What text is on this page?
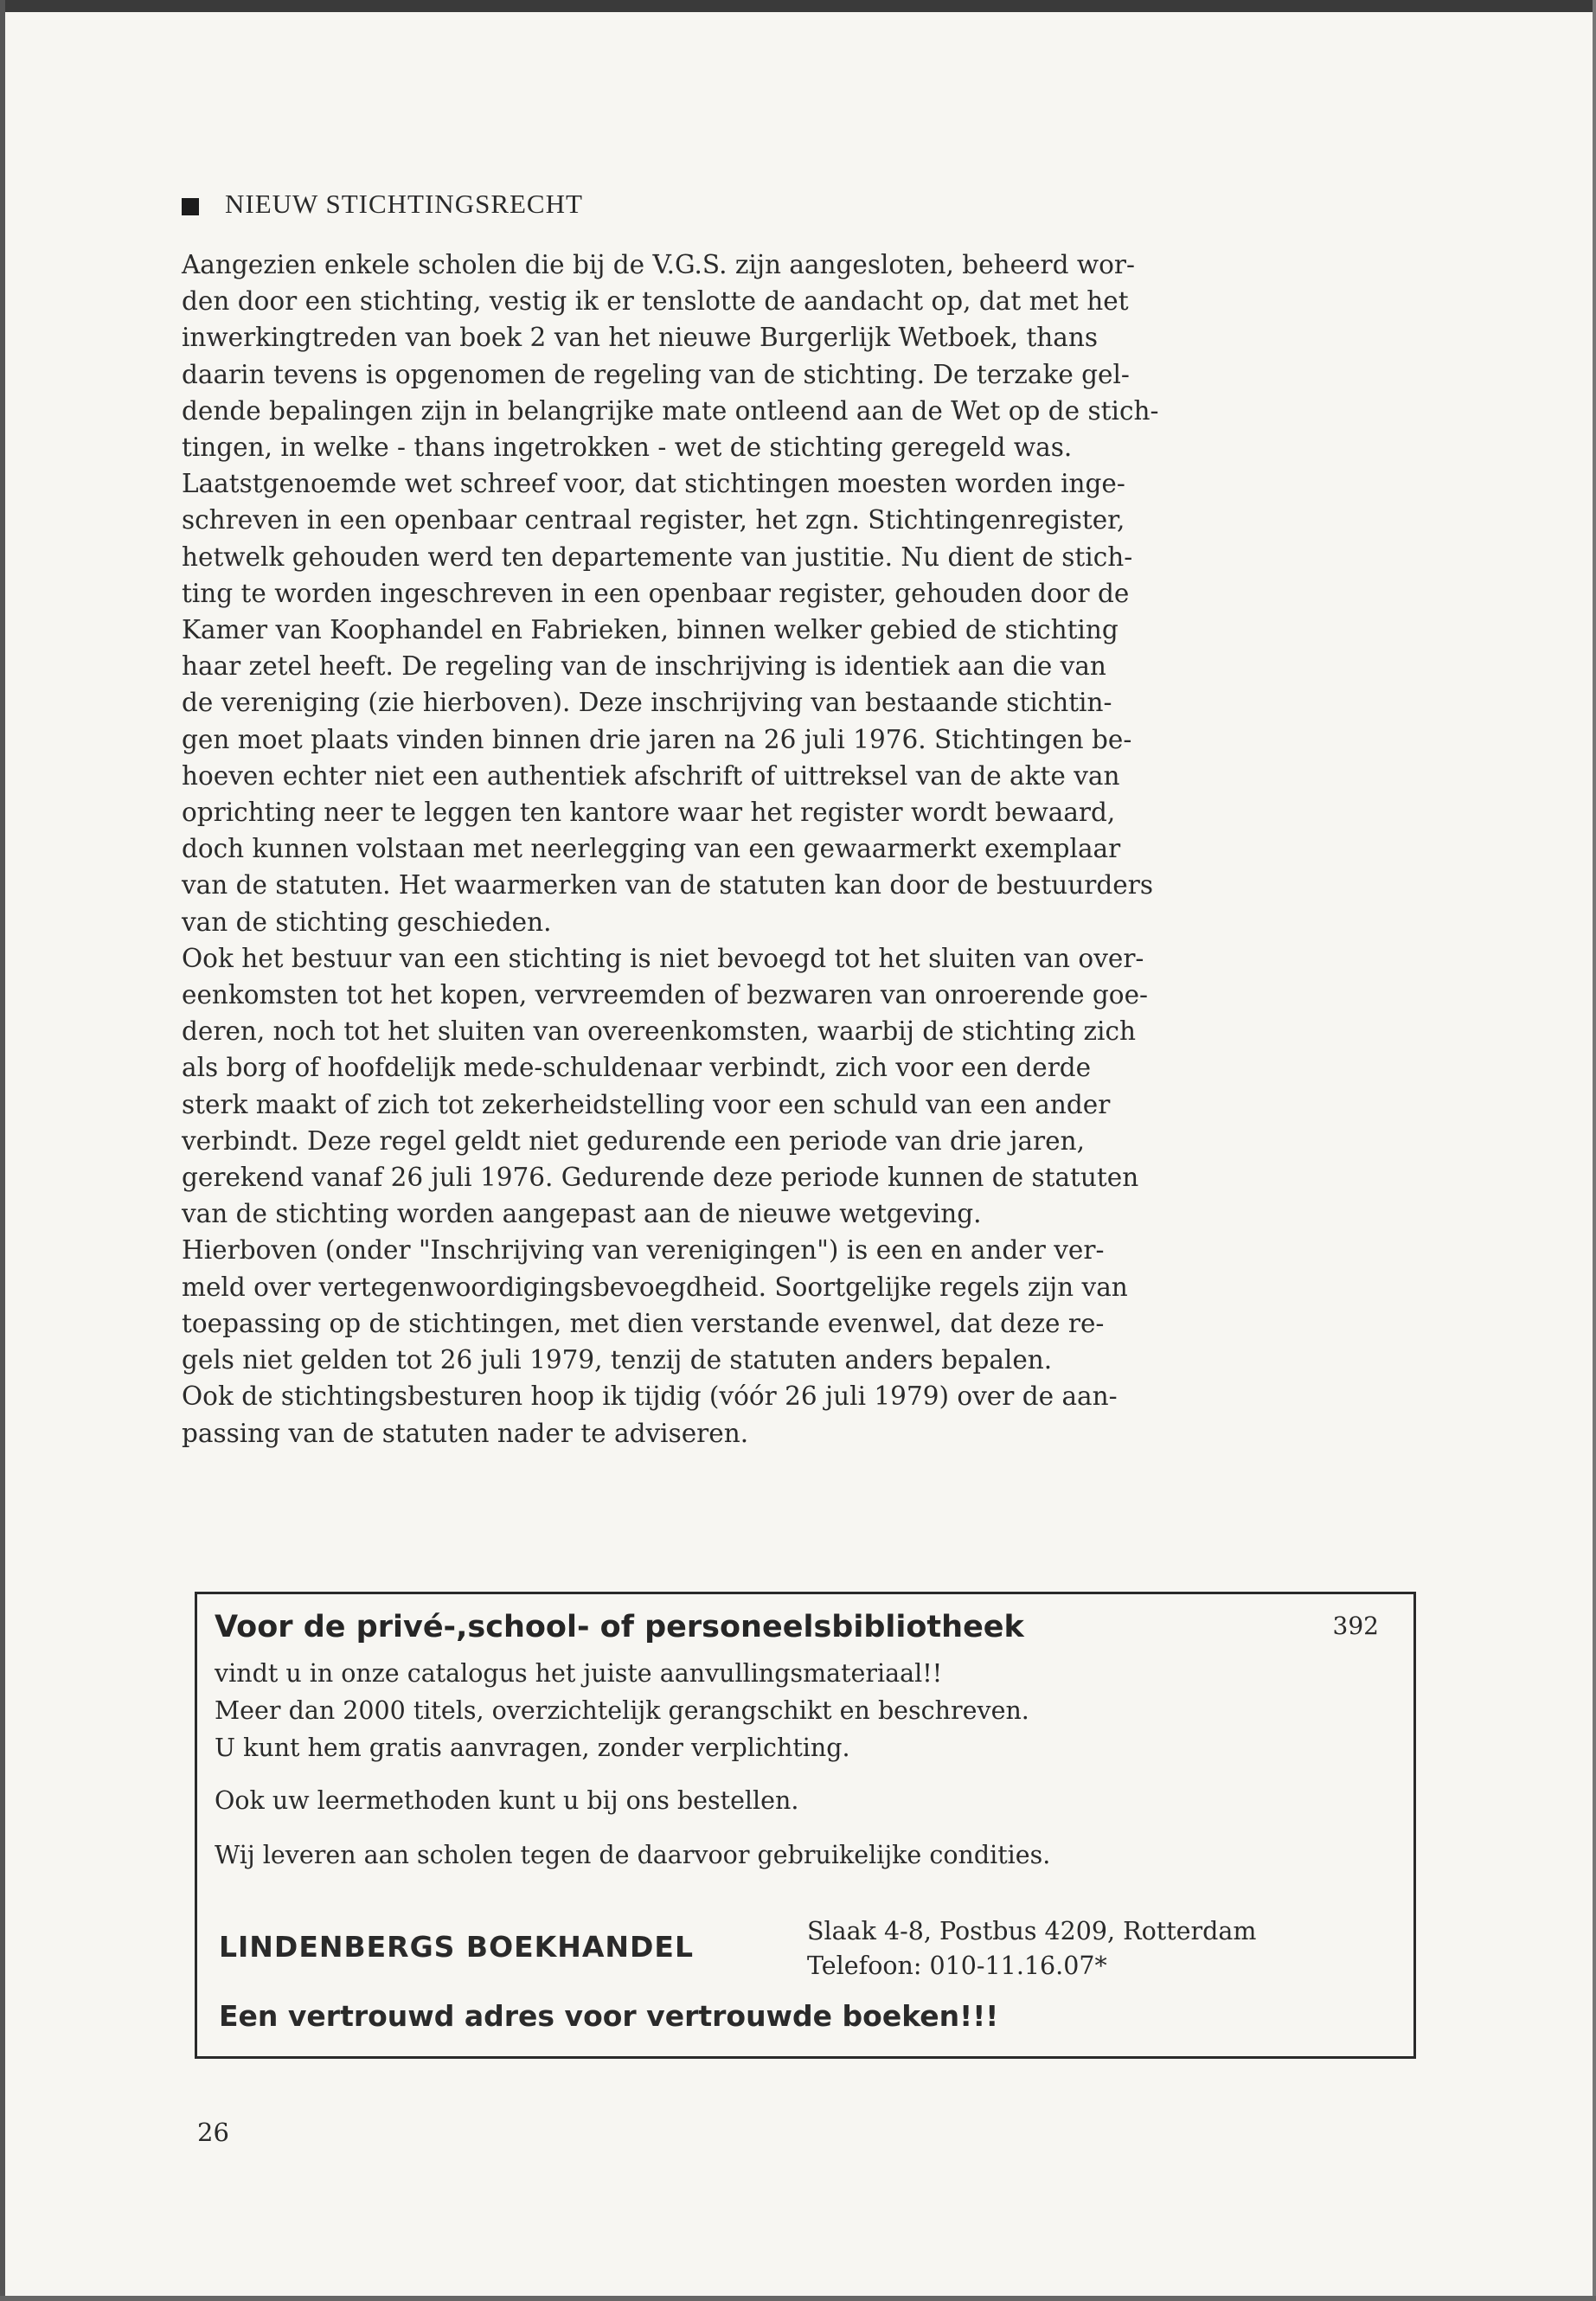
NIEUW STICHTINGSRECHT
Aangezien enkele scholen die bij de V.G.S. zijn aangesloten, beheerd wor-
den door een stichting, vestig ik er tenslotte de aandacht op, dat met het
inwerkingtreden van boek 2 van het nieuwe Burgerlijk Wetboek, thans
daarin tevens is opgenomen de regeling van de stichting. De terzake gel-
dende bepalingen zijn in belangrijke mate ontleend aan de Wet op de stich-
tingen, in welke - thans ingetrokken - wet de stichting geregeld was.
Laatstgenoemde wet schreef voor, dat stichtingen moesten worden inge-
schreven in een openbaar centraal register, het zgn. Stichtingenregister,
hetwelk gehouden werd ten departemente van justitie. Nu dient de stich-
ting te worden ingeschreven in een openbaar register, gehouden door de
Kamer van Koophandel en Fabrieken, binnen welker gebied de stichting
haar zetel heeft. De regeling van de inschrijving is identiek aan die van
de vereniging (zie hierboven). Deze inschrijving van bestaande stichtin-
gen moet plaats vinden binnen drie jaren na 26 juli 1976. Stichtingen be-
hoeven echter niet een authentiek afschrift of uittreksel van de akte van
oprichting neer te leggen ten kantore waar het register wordt bewaard,
doch kunnen volstaan met neerlegging van een gewaarmerkt exemplaar
van de statuten. Het waarmerken van de statuten kan door de bestuurders
van de stichting geschieden.
Ook het bestuur van een stichting is niet bevoegd tot het sluiten van over-
eenkomsten tot het kopen, vervreemden of bezwaren van onroerende goe-
deren, noch tot het sluiten van overeenkomsten, waarbij de stichting zich
als borg of hoofdelijk mede-schuldenaar verbindt, zich voor een derde
sterk maakt of zich tot zekerheidstelling voor een schuld van een ander
verbindt. Deze regel geldt niet gedurende een periode van drie jaren,
gerekend vanaf 26 juli 1976. Gedurende deze periode kunnen de statuten
van de stichting worden aangepast aan de nieuwe wetgeving.
Hierboven (onder "Inschrijving van verenigingen") is een en ander ver-
meld over vertegenwoordigingsbevoegdheid. Soortgelijke regels zijn van
toepassing op de stichtingen, met dien verstande evenwel, dat deze re-
gels niet gelden tot 26 juli 1979, tenzij de statuten anders bepalen.
Ook de stichtingsbesturen hoop ik tijdig (vóór 26 juli 1979) over de aan-
passing van de statuten nader te adviseren.
Voor de privé-,school- of personeelsbibliotheek	392
vindt u in onze catalogus het juiste aanvullingsmateriaal!!
Meer dan 2000 titels, overzichtelijk gerangschikt en beschreven.
U kunt hem gratis aanvragen, zonder verplichting.
Ook uw leermethoden kunt u bij ons bestellen.
Wij leveren aan scholen tegen de daarvoor gebruikelijke condities.
LINDENBERGS BOEKHANDEL	Slaak 4-8, Postbus 4209, Rotterdam
Telefoon: 010-11.16.07*
Een vertrouwd adres voor vertrouwde boeken!!!
26
